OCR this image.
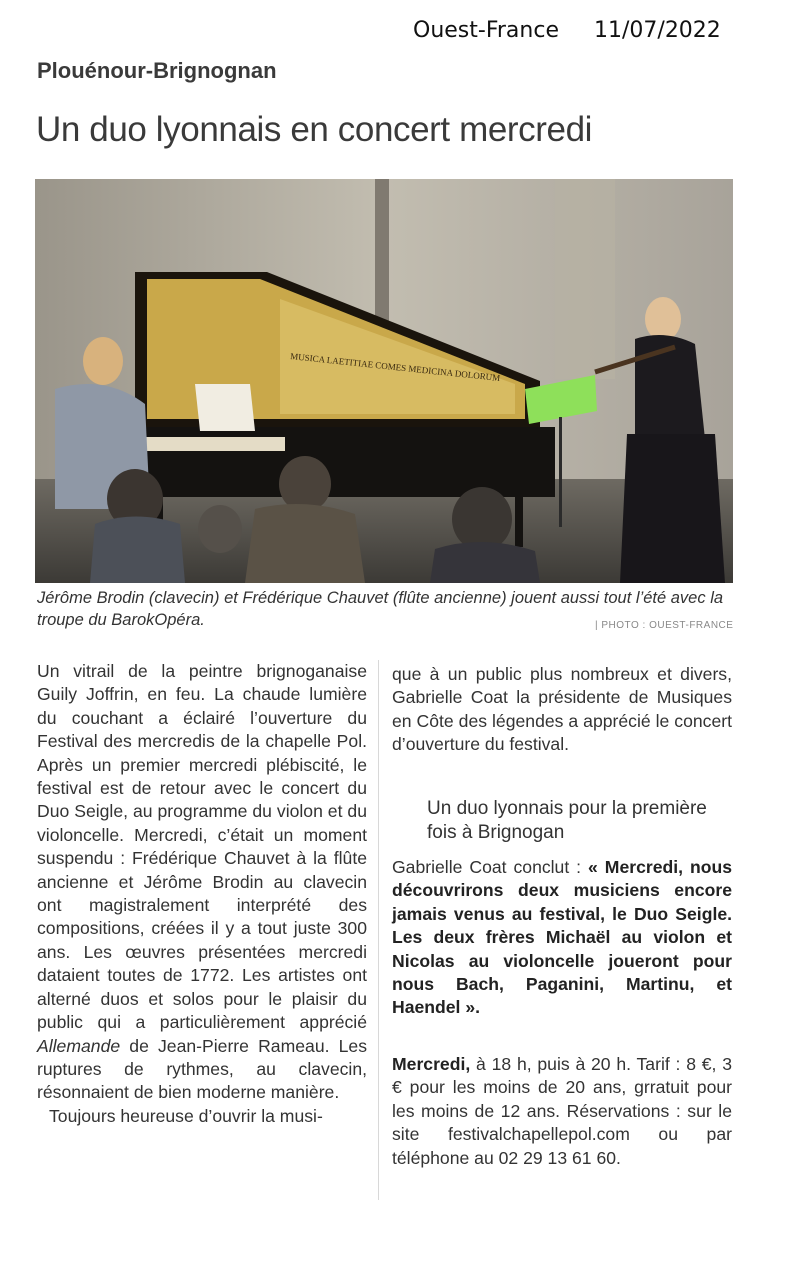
Ouest-France 11/07/2022
Plouénour-Brignognan
Un duo lyonnais en concert mercredi
MUSICA LAETITIAE COMES MEDICINA DOLORUM
Jérôme Brodin (clavecin) et Frédérique Chauvet (flûte ancienne) jouent aussi tout l’été avec la troupe du BarokOpéra.	| PHOTO : OUEST-FRANCE

Un vitrail de la peintre brignoganaise Guily Joffrin, en feu. La chaude lumière du couchant a éclairé l’ouverture du Festival des mercredis de la chapelle Pol. Après un premier mercredi plébiscité, le festival est de retour avec le concert du Duo Seigle, au programme du violon et du violoncelle. Mercredi, c’était un moment suspendu : Frédérique Chauvet à la flûte ancienne et Jérôme Brodin au clavecin ont magistralement interprété des compositions, créées il y a tout juste 300 ans. Les œuvres présentées mercredi dataient toutes de 1772. Les artistes ont alterné duos et solos pour le plaisir du public qui a particulièrement apprécié Allemande de Jean-Pierre Rameau. Les ruptures de rythmes, au clavecin, résonnaient de bien moderne manière.

Toujours heureuse d’ouvrir la musi-

que à un public plus nombreux et divers, Gabrielle Coat la présidente de Musiques en Côte des légendes a apprécié le concert d’ouverture du festival.

Un duo lyonnais pour la première fois à Brignogan
Gabrielle Coat conclut : « Mercredi, nous découvrirons deux musiciens encore jamais venus au festival, le Duo Seigle. Les deux frères Michaël au violon et Nicolas au violoncelle joueront pour nous Bach, Paganini, Martinu, et Haendel ».
Mercredi, à 18 h, puis à 20 h. Tarif : 8 €, 3 € pour les moins de 20 ans, grratuit pour les moins de 12 ans. Réservations : sur le site festivalchapellepol.com ou par téléphone au 02 29 13 61 60.
